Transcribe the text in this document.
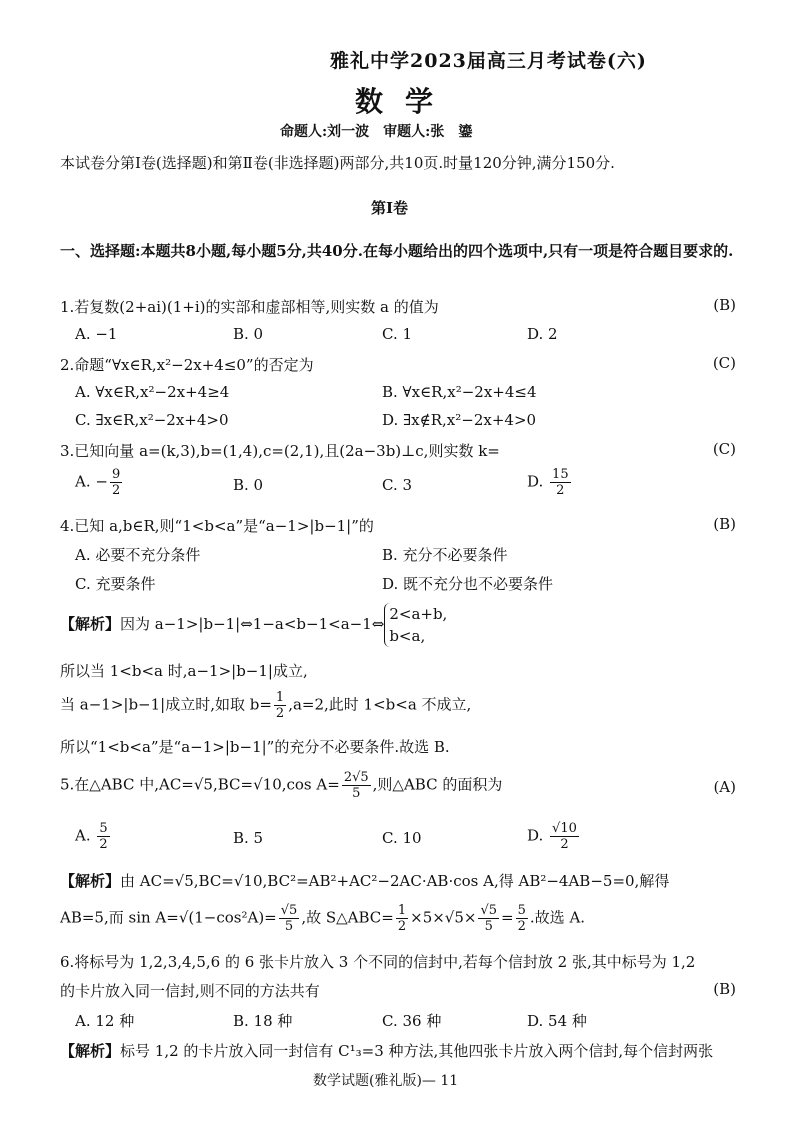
雅礼中学2023届高三月考试卷(六)
数学
命题人:刘一波　审题人:张　鎏
本试卷分第Ⅰ卷(选择题)和第Ⅱ卷(非选择题)两部分,共10页.时量120分钟,满分150分.
第Ⅰ卷
一、选择题:本题共8小题,每小题5分,共40分.在每小题给出的四个选项中,只有一项是符合题目要求的.
1.若复数(2+ai)(1+i)的实部和虚部相等,则实数 a 的值为	(B)
A. −1	B. 0	C. 1	D. 2
2.命题“∀x∈R,x²−2x+4≤0”的否定为	(C)
A. ∀x∈R,x²−2x+4≥4	B. ∀x∈R,x²−2x+4≤4
C. ∃x∈R,x²−2x+4>0	D. ∃x∉R,x²−2x+4>0
3.已知向量 a=(k,3),b=(1,4),c=(2,1),且(2a−3b)⊥c,则实数 k=	(C)
A. − $\frac{9}{2}$	B. 0	C. 3	D. $\frac{15}{2}$
4.已知 a,b∈R,则“1<b<a”是“a−1>|b−1|”的	(B)
A. 必要不充分条件	B. 充分不必要条件
C. 充要条件	D. 既不充分也不必要条件
【解析】因为 a−1>|b−1|⇔1−a<b−1<a−1⇔
2<a+b,
b<a,
所以当 1<b<a 时,a−1>|b−1|成立,
当 a−1>|b−1|成立时,如取 $b= \frac{1}{2} ,a=2$,此时 1<b<a 不成立,
所以“1<b<a”是“a−1>|b−1|”的充分不必要条件.故选 B.
5.在△ABC 中,AC=√5,BC=√10,cos $A= \frac{2√5}{5}$ ,则△ABC 的面积为	(A)
A. $\frac{5}{2}$	B. 5	C. 10	D. $\frac{√10}{2}$
【解析】由 AC=√5,BC=√10,BC²=AB²+AC²−2AC·AB·cos A,得 AB²−4AB−5=0,解得
AB=5,而 $\sin A=√(1-\cos^2A)= \frac{√5}{5}$ ,故 S△ABC= $\frac{1}{2} \times 5\times√5\times \frac{√5}{5} = \frac{5}{2}$ .故选 A.
6.将标号为 1,2,3,4,5,6 的 6 张卡片放入 3 个不同的信封中,若每个信封放 2 张,其中标号为 1,2
的卡片放入同一信封,则不同的方法共有	(B)
A. 12 种	B. 18 种	C. 36 种	D. 54 种
【解析】标号 1,2 的卡片放入同一封信有 C¹₃=3 种方法,其他四张卡片放入两个信封,每个信封两张
数学试题(雅礼版)— 11
